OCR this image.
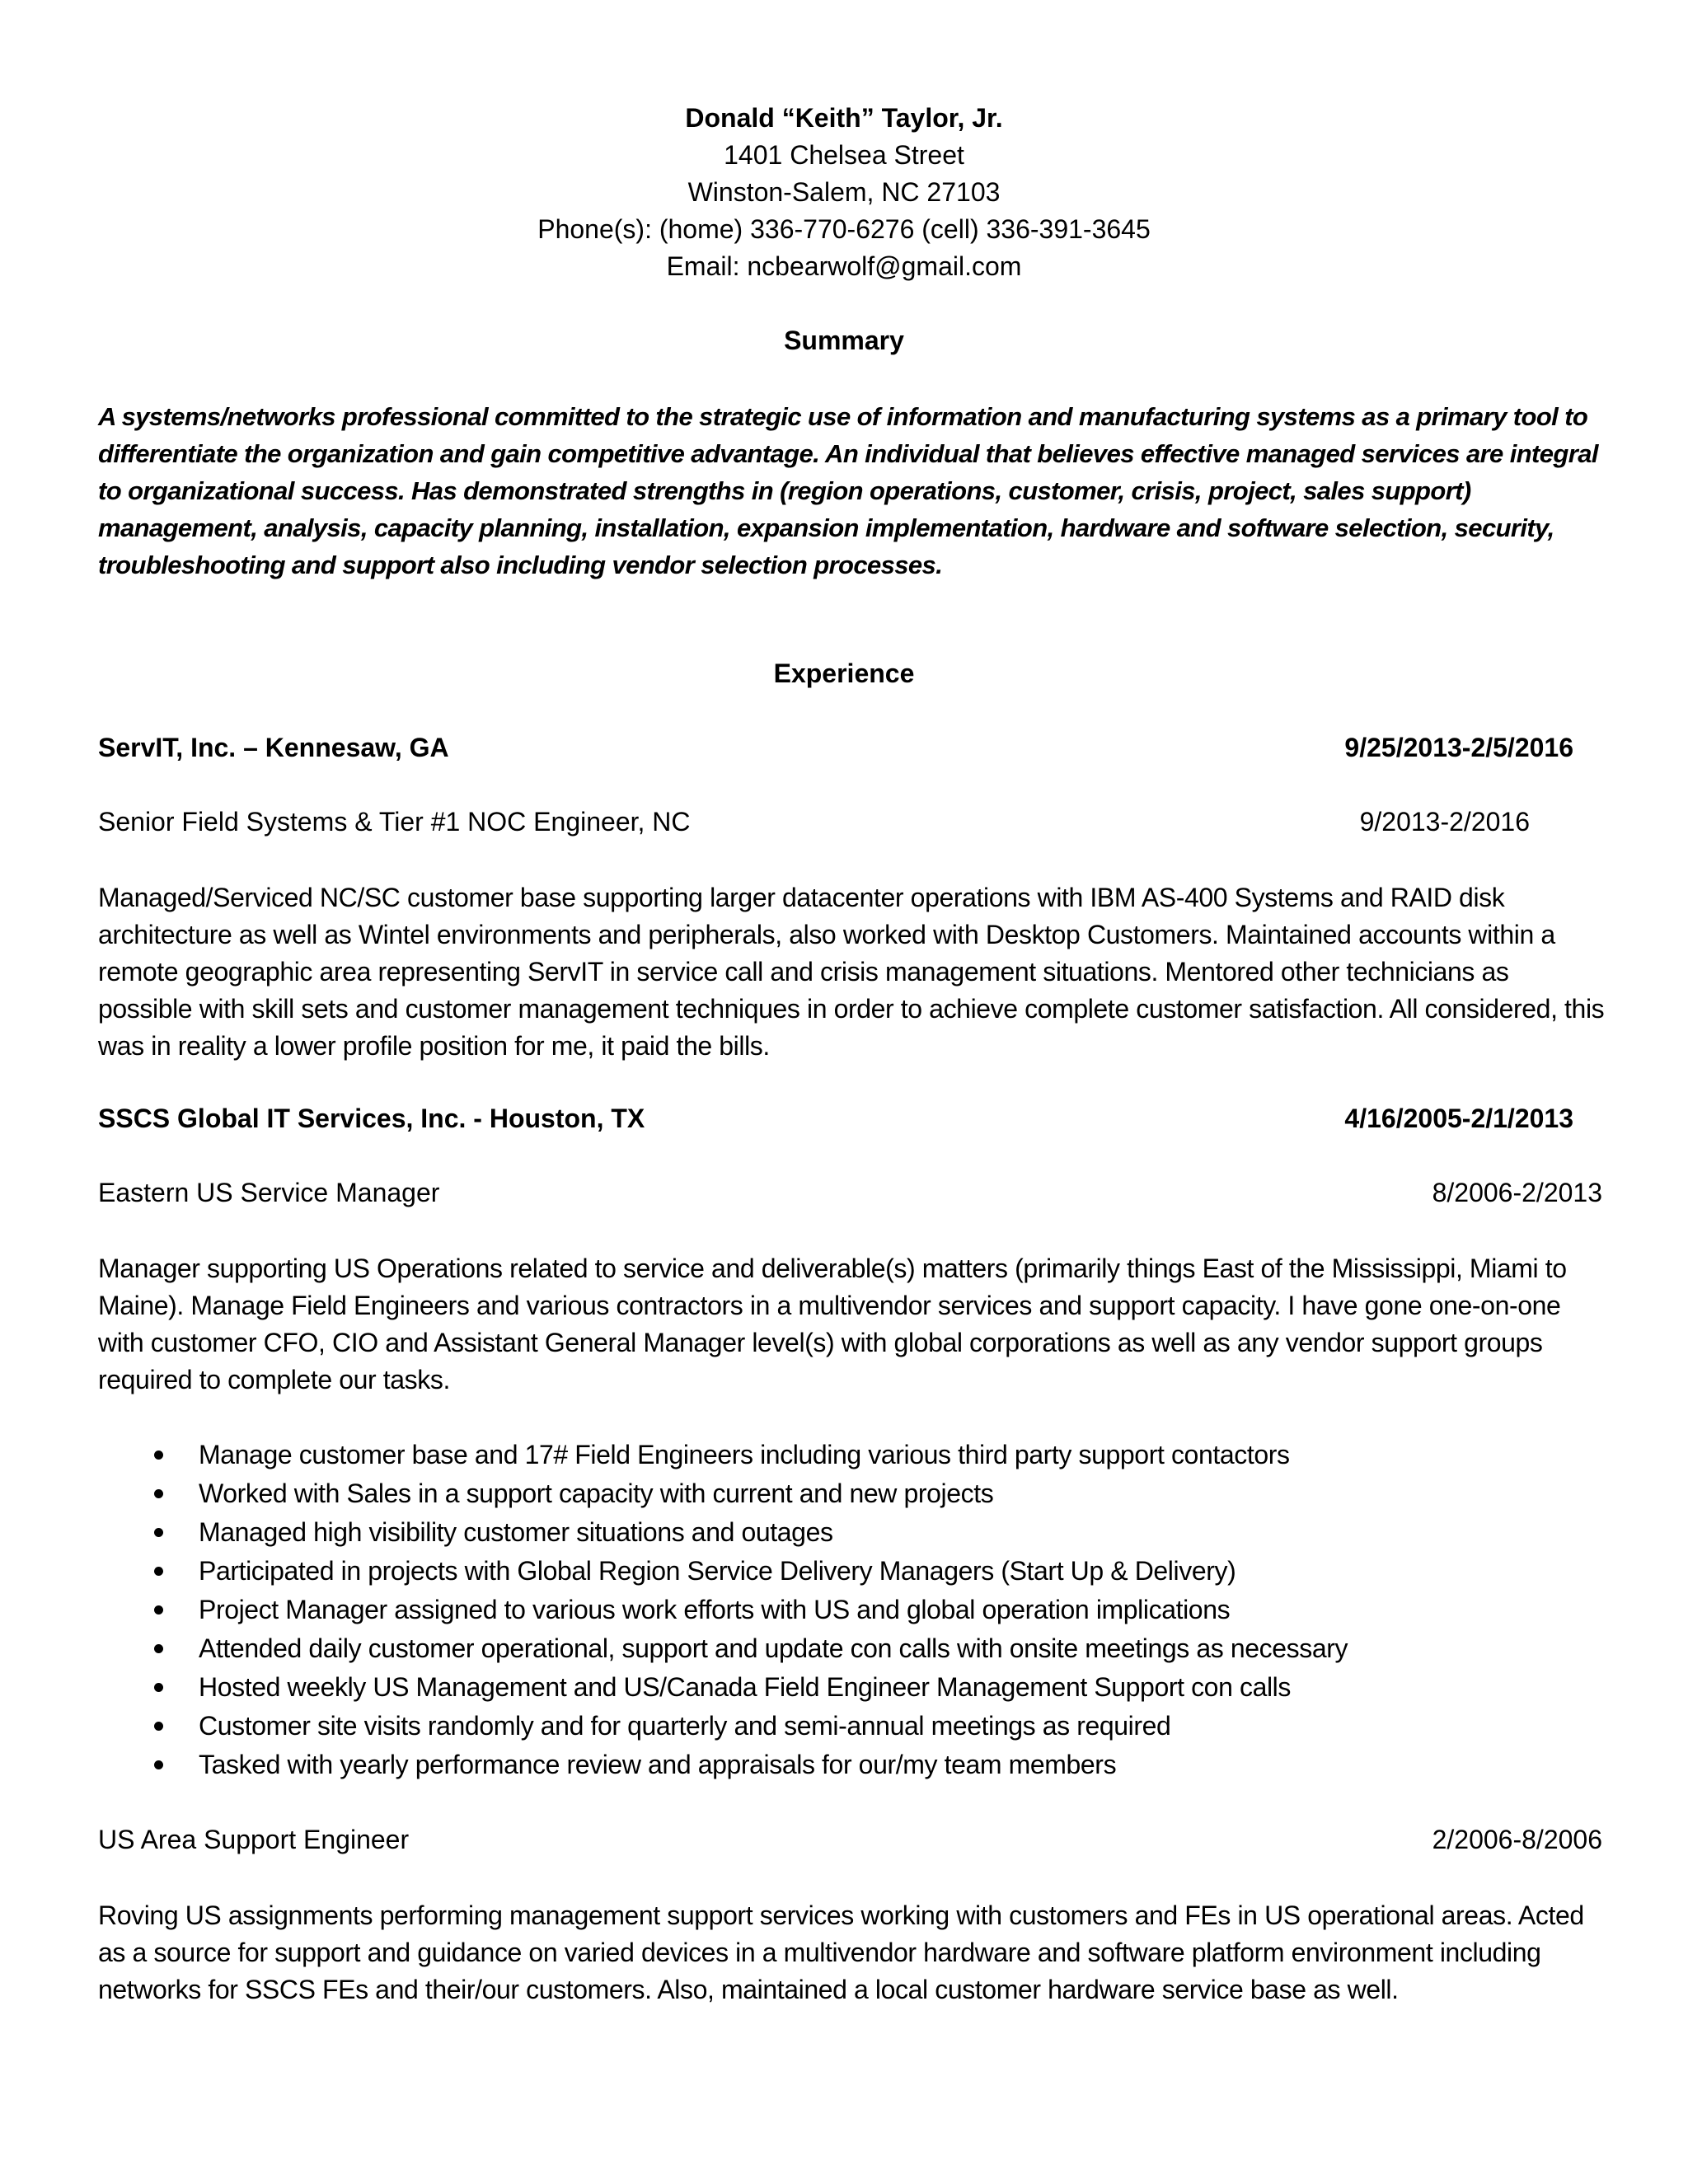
Donald “Keith” Taylor, Jr.
1401 Chelsea Street
Winston-Salem, NC 27103
Phone(s): (home) 336-770-6276 (cell) 336-391-3645
Email: ncbearwolf@gmail.com
Summary

A systems/networks professional committed to the strategic use of information and manufacturing systems as a primary tool to differentiate the organization and gain competitive advantage. An individual that believes effective managed services are integral to organizational success. Has demonstrated strengths in (region operations, customer, crisis, project, sales support) management, analysis, capacity planning, installation, expansion implementation, hardware and software selection, security, troubleshooting and support also including vendor selection processes.

Experience
ServIT, Inc. – Kennesaw, GA	9/25/2013-2/5/2016
Senior Field Systems & Tier #1 NOC Engineer, NC	9/2013-2/2016

Managed/Serviced NC/SC customer base supporting larger datacenter operations with IBM AS-400 Systems and RAID disk architecture as well as Wintel environments and peripherals, also worked with Desktop Customers. Maintained accounts within a remote geographic area representing ServIT in service call and crisis management situations. Mentored other technicians as possible with skill sets and customer management techniques in order to achieve complete customer satisfaction. All considered, this was in reality a lower profile position for me, it paid the bills.

SSCS Global IT Services, Inc. - Houston, TX	4/16/2005-2/1/2013
Eastern US Service Manager	8/2006-2/2013

Manager supporting US Operations related to service and deliverable(s) matters (primarily things East of the Mississippi, Miami to Maine). Manage Field Engineers and various contractors in a multivendor services and support capacity. I have gone one-on-one with customer CFO, CIO and Assistant General Manager level(s) with global corporations as well as any vendor support groups required to complete our tasks.

Manage customer base and 17# Field Engineers including various third party support contactors
Worked with Sales in a support capacity with current and new projects
Managed high visibility customer situations and outages
Participated in projects with Global Region Service Delivery Managers (Start Up & Delivery)
Project Manager assigned to various work efforts with US and global operation implications
Attended daily customer operational, support and update con calls with onsite meetings as necessary
Hosted weekly US Management and US/Canada Field Engineer Management Support con calls
Customer site visits randomly and for quarterly and semi-annual meetings as required
Tasked with yearly performance review and appraisals for our/my team members
US Area Support Engineer	2/2006-8/2006

Roving US assignments performing management support services working with customers and FEs in US operational areas. Acted as a source for support and guidance on varied devices in a multivendor hardware and software platform environment including networks for SSCS FEs and their/our customers. Also, maintained a local customer hardware service base as well.
